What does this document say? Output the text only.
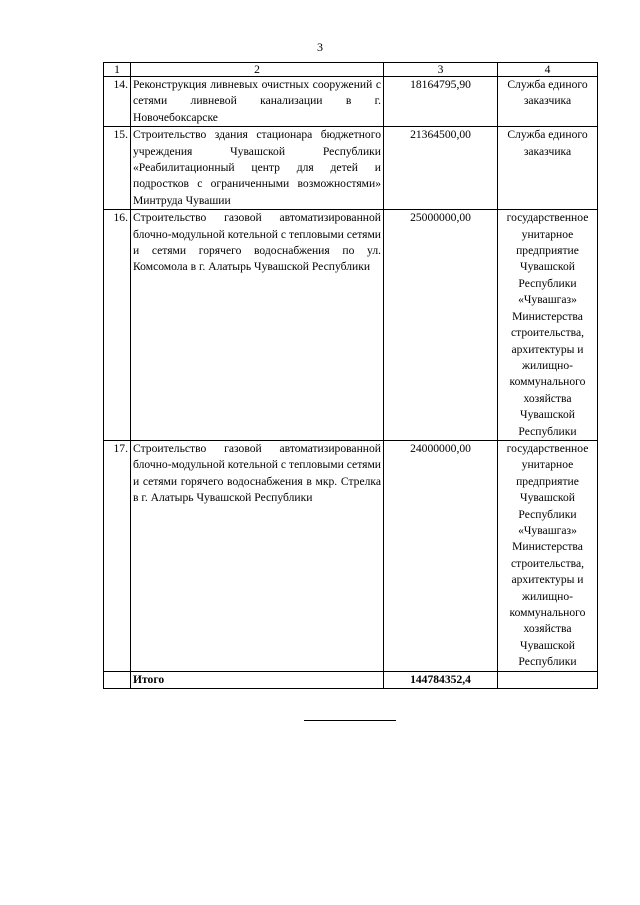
3
1	2	3	4
14.	Реконструкция ливневых очистных сооружений с сетями ливневой канализации в г. Новочебоксарске	18164795,90	Служба единого заказчика
15.	Строительство здания стационара бюджетного учреждения Чувашской Республики «Реабилитационный центр для детей и подростков с ограниченными возможностями» Минтруда Чувашии	21364500,00	Служба единого заказчика
16.	Строительство газовой автоматизированной блочно-модульной котельной с тепловыми сетями и сетями горячего водоснабжения по ул. Комсомола в г. Алатырь Чувашской Республики	25000000,00	государственное унитарное предприятие Чувашской Республики «Чувашгаз» Министерства строительства, архитектуры и жилищно-коммунального хозяйства Чувашской Республики
17.	Строительство газовой автоматизированной блочно-модульной котельной с тепловыми сетями и сетями горячего водоснабжения в мкр. Стрелка в г. Алатырь Чувашской Республики	24000000,00	государственное унитарное предприятие Чувашской Республики «Чувашгаз» Министерства строительства, архитектуры и жилищно-коммунального хозяйства Чувашской Республики
	Итого	144784352,4	
